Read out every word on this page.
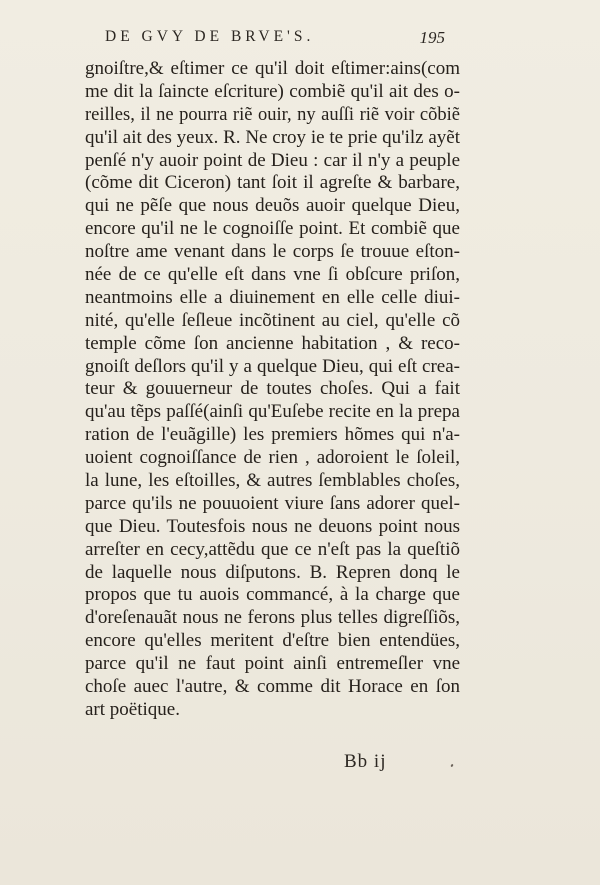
DE GVY DE BRVE'S.	195
gnoiſtre,& eſtimer ce qu'il doit eſtimer:ains(com
me dit la ſaincte eſcriture) combiẽ qu'il ait des o-
reilles, il ne pourra riẽ ouir, ny auſſi riẽ voir cõbiẽ
qu'il ait des yeux. R. Ne croy ie te prie qu'ilz ayẽt
penſé n'y auoir point de Dieu : car il n'y a peuple
(cõme dit Ciceron) tant ſoit il agreſte & barbare,
qui ne pẽſe que nous deuõs auoir quelque Dieu,
encore qu'il ne le cognoiſſe point. Et combiẽ que
noſtre ame venant dans le corps ſe trouue eſton-
née de ce qu'elle eſt dans vne ſi obſcure priſon,
neantmoins elle a diuinement en elle celle diui-
nité, qu'elle ſeſleue incõtinent au ciel, qu'elle cõ
temple cõme ſon ancienne habitation , & reco-
gnoiſt deſlors qu'il y a quelque Dieu, qui eſt crea-
teur & gouuerneur de toutes choſes. Qui a fait
qu'au tẽps paſſé(ainſi qu'Euſebe recite en la prepa
ration de l'euãgille) les premiers hõmes qui n'a-
uoient cognoiſſance de rien , adoroient le ſoleil,
la lune, les eſtoilles, & autres ſemblables choſes,
parce qu'ils ne pouuoient viure ſans adorer quel-
que Dieu. Toutesfois nous ne deuons point nous
arreſter en cecy,attẽdu que ce n'eſt pas la queſtiõ
de laquelle nous diſputons. B. Repren donq le
propos que tu auois commancé, à la charge que
d'oreſenauãt nous ne ferons plus telles digreſſiõs,
encore qu'elles meritent d'eſtre bien entendües,
parce qu'il ne faut point ainſi entremeſler vne
choſe auec l'autre, & comme dit Horace en ſon
art poëtique.
Bb ij
